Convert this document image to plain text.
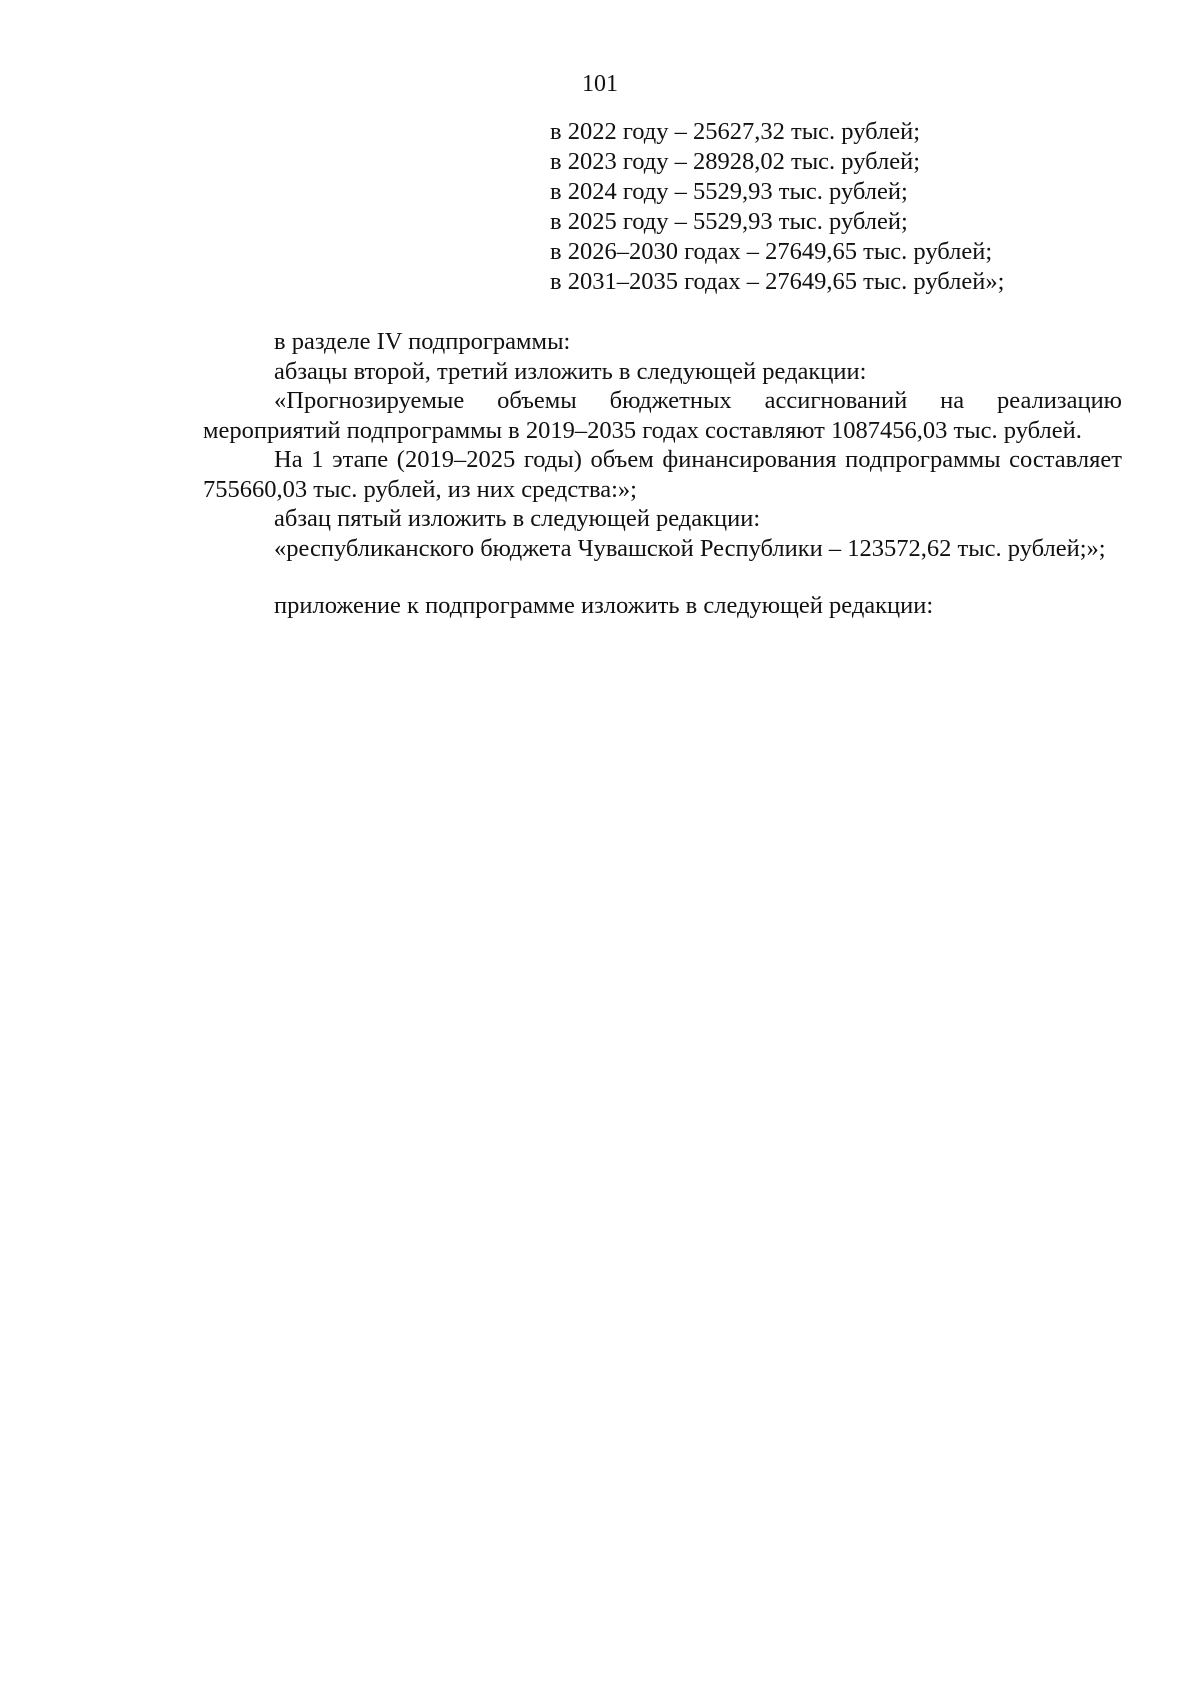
101
в 2022 году – 25627,32 тыс. рублей;
в 2023 году – 28928,02 тыс. рублей;
в 2024 году – 5529,93 тыс. рублей;
в 2025 году – 5529,93 тыс. рублей;
в 2026–2030 годах – 27649,65 тыс. рублей;
в 2031–2035 годах – 27649,65 тыс. рублей»;

в разделе IV подпрограммы:

абзацы второй, третий изложить в следующей редакции:

«Прогнозируемые объемы бюджетных ассигнований на реализацию мероприятий подпрограммы в 2019–2035 годах составляют 1087456,03 тыс. рублей.

На 1 этапе (2019–2025 годы) объем финансирования подпрограммы составляет 755660,03 тыс. рублей, из них средства:»;

абзац пятый изложить в следующей редакции:

«республиканского бюджета Чувашской Республики – 123572,62 тыс. рублей;»;

приложение к подпрограмме изложить в следующей редакции:
